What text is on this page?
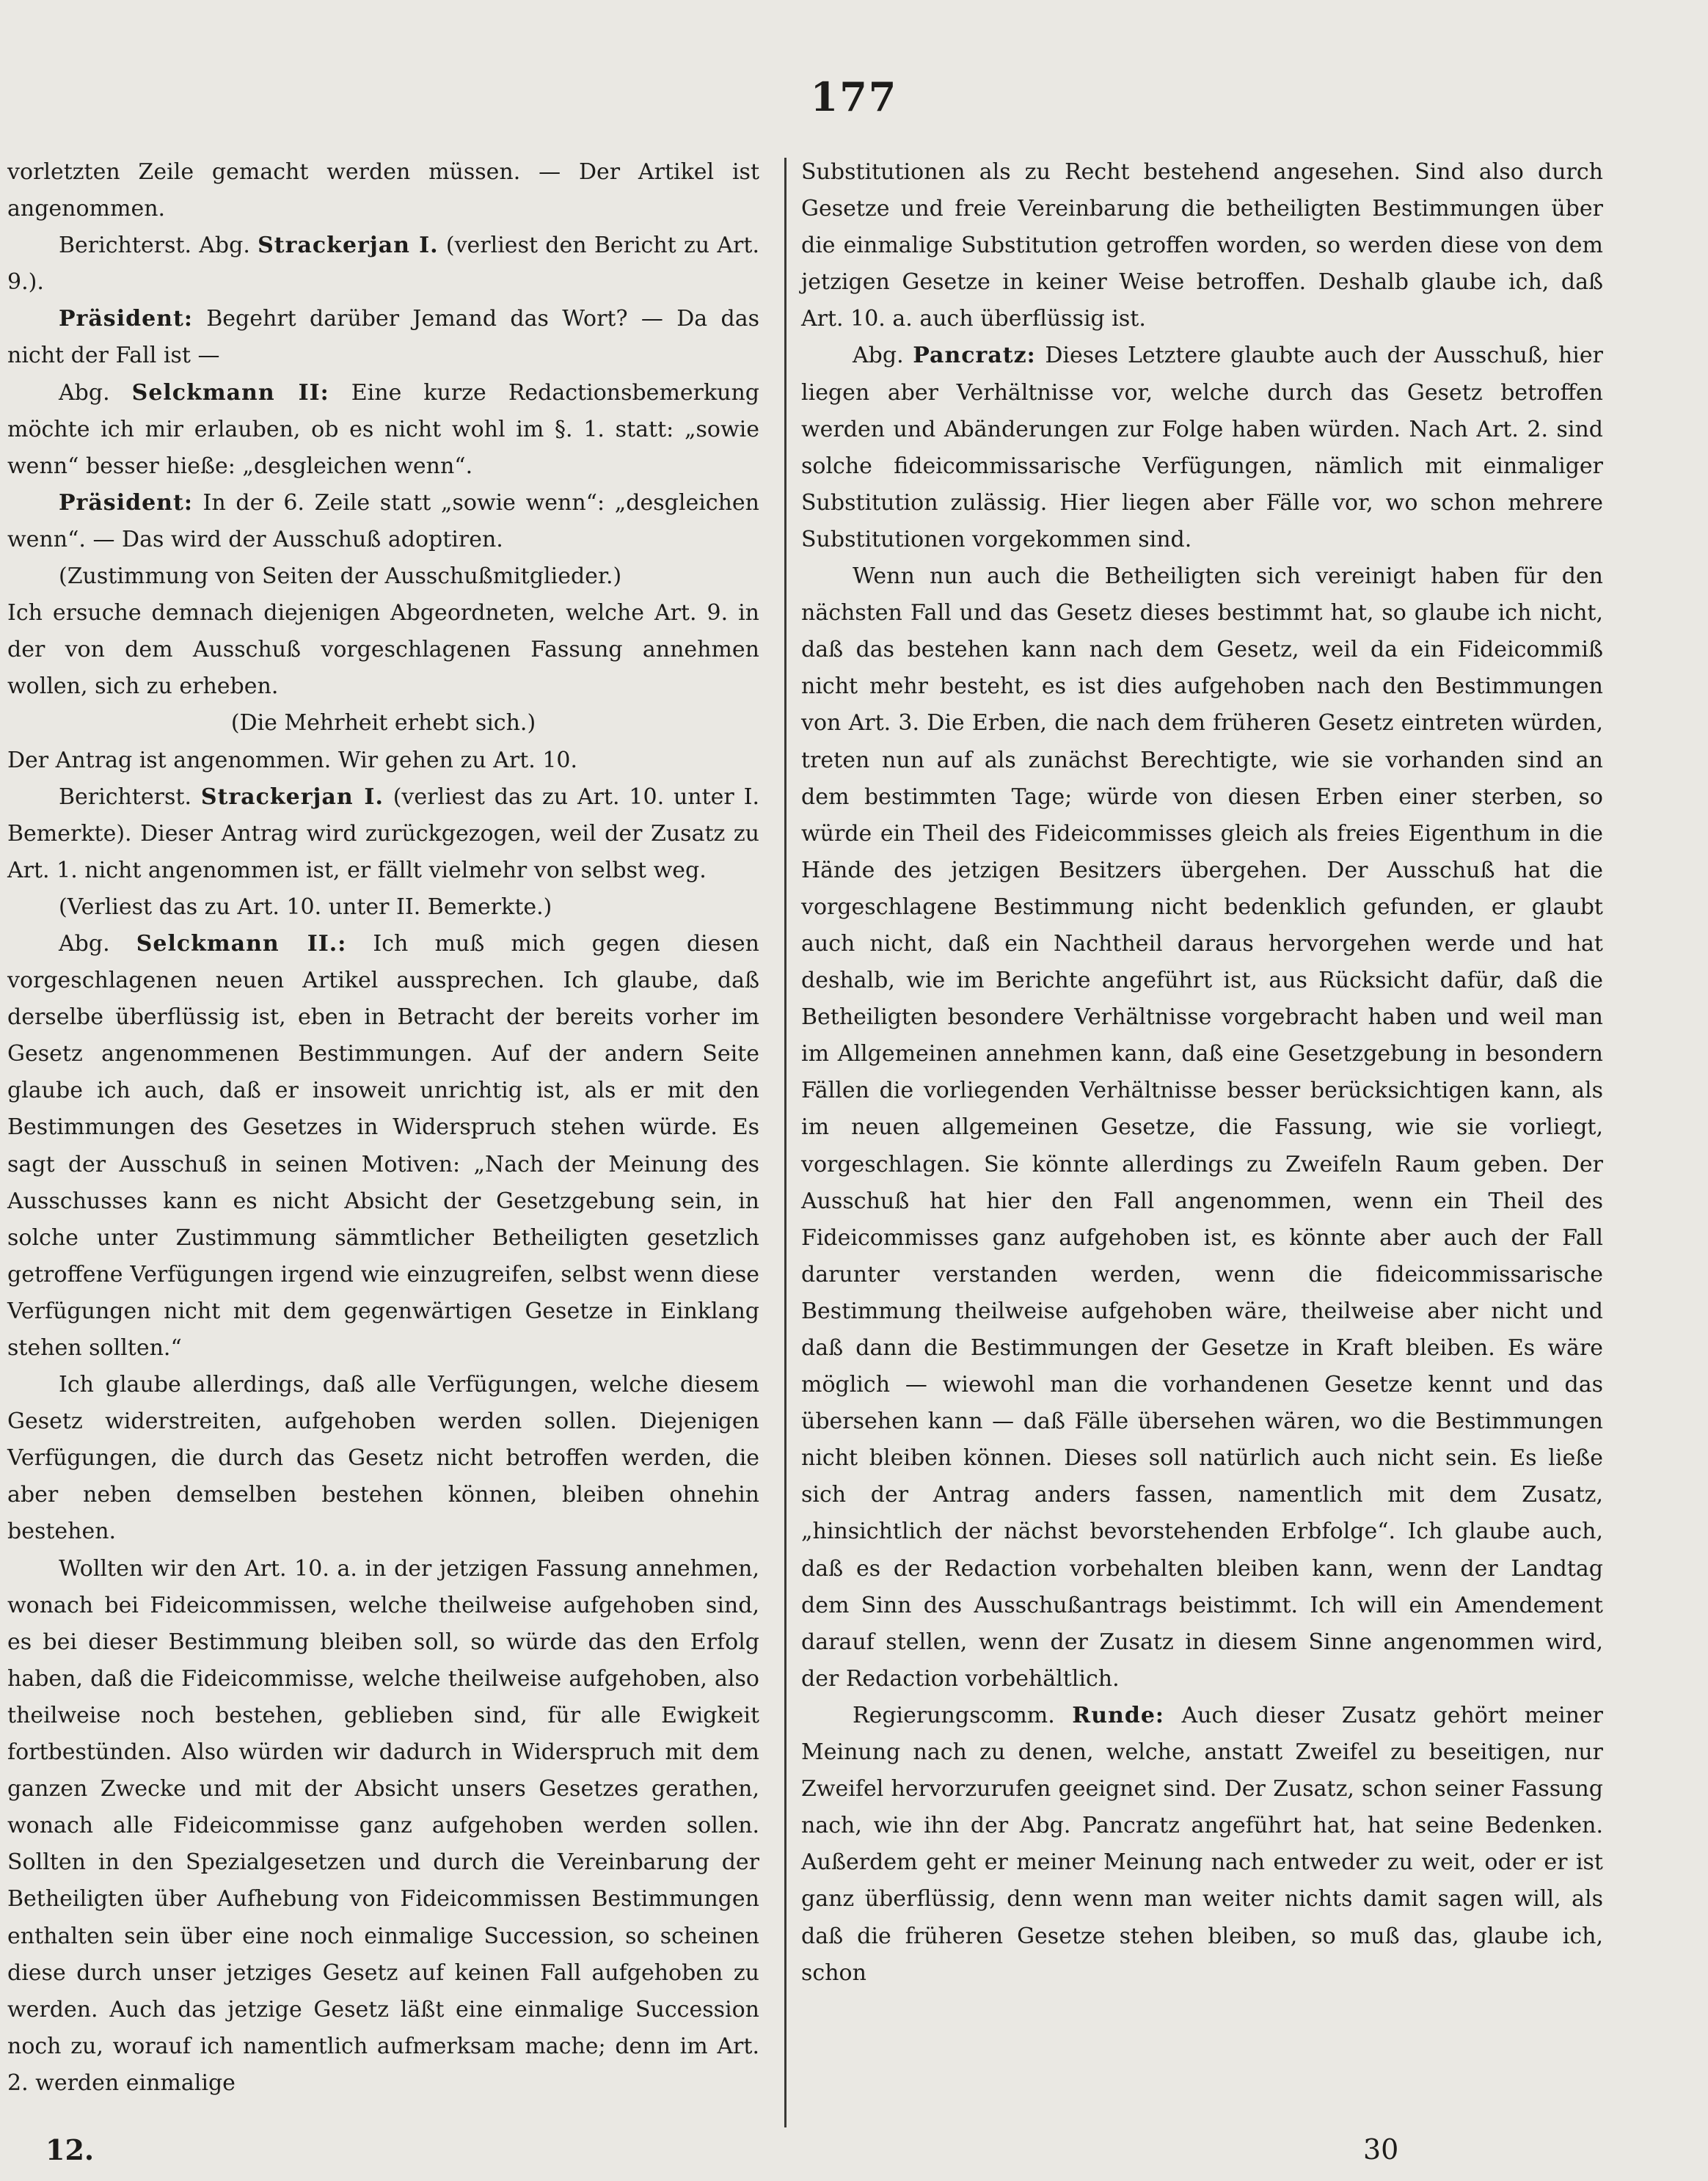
177

vorletzten Zeile gemacht werden müssen. — Der Artikel ist angenommen.

Berichterst. Abg. Strackerjan I. (verliest den Bericht zu Art. 9.).

Präsident: Begehrt darüber Jemand das Wort? — Da das nicht der Fall ist —

Abg. Selckmann II: Eine kurze Redactionsbemerkung möchte ich mir erlauben, ob es nicht wohl im §. 1. statt: „sowie wenn“ besser hieße: „desgleichen wenn“.

Präsident: In der 6. Zeile statt „sowie wenn“: „desgleichen wenn“. — Das wird der Ausschuß adoptiren.

(Zustimmung von Seiten der Ausschußmitglieder.)

Ich ersuche demnach diejenigen Abgeordneten, welche Art. 9. in der von dem Ausschuß vorgeschlagenen Fassung annehmen wollen, sich zu erheben.

(Die Mehrheit erhebt sich.)

Der Antrag ist angenommen. Wir gehen zu Art. 10.

Berichterst. Strackerjan I. (verliest das zu Art. 10. unter I. Bemerkte). Dieser Antrag wird zurückgezogen, weil der Zusatz zu Art. 1. nicht angenommen ist, er fällt vielmehr von selbst weg.

(Verliest das zu Art. 10. unter II. Bemerkte.)

Abg. Selckmann II.: Ich muß mich gegen diesen vorgeschlagenen neuen Artikel aussprechen. Ich glaube, daß derselbe überflüssig ist, eben in Betracht der bereits vorher im Gesetz angenommenen Bestimmungen. Auf der andern Seite glaube ich auch, daß er insoweit unrichtig ist, als er mit den Bestimmungen des Gesetzes in Widerspruch stehen würde. Es sagt der Ausschuß in seinen Motiven: „Nach der Meinung des Ausschusses kann es nicht Absicht der Gesetzgebung sein, in solche unter Zustimmung sämmtlicher Betheiligten gesetzlich getroffene Verfügungen irgend wie einzugreifen, selbst wenn diese Verfügungen nicht mit dem gegenwärtigen Gesetze in Einklang stehen sollten.“

Ich glaube allerdings, daß alle Verfügungen, welche diesem Gesetz widerstreiten, aufgehoben werden sollen. Diejenigen Verfügungen, die durch das Gesetz nicht betroffen werden, die aber neben demselben bestehen können, bleiben ohnehin bestehen.

Wollten wir den Art. 10. a. in der jetzigen Fassung annehmen, wonach bei Fideicommissen, welche theilweise aufgehoben sind, es bei dieser Bestimmung bleiben soll, so würde das den Erfolg haben, daß die Fideicommisse, welche theilweise aufgehoben, also theilweise noch bestehen, geblieben sind, für alle Ewigkeit fortbestünden. Also würden wir dadurch in Widerspruch mit dem ganzen Zwecke und mit der Absicht unsers Gesetzes gerathen, wonach alle Fideicommisse ganz aufgehoben werden sollen. Sollten in den Spezialgesetzen und durch die Vereinbarung der Betheiligten über Aufhebung von Fideicommissen Bestimmungen enthalten sein über eine noch einmalige Succession, so scheinen diese durch unser jetziges Gesetz auf keinen Fall aufgehoben zu werden. Auch das jetzige Gesetz läßt eine einmalige Succession noch zu, worauf ich namentlich aufmerksam mache; denn im Art. 2. werden einmalige

Substitutionen als zu Recht bestehend angesehen. Sind also durch Gesetze und freie Vereinbarung die betheiligten Bestimmungen über die einmalige Substitution getroffen worden, so werden diese von dem jetzigen Gesetze in keiner Weise betroffen. Deshalb glaube ich, daß Art. 10. a. auch überflüssig ist.

Abg. Pancratz: Dieses Letztere glaubte auch der Ausschuß, hier liegen aber Verhältnisse vor, welche durch das Gesetz betroffen werden und Abänderungen zur Folge haben würden. Nach Art. 2. sind solche fideicommissarische Verfügungen, nämlich mit einmaliger Substitution zulässig. Hier liegen aber Fälle vor, wo schon mehrere Substitutionen vorgekommen sind.

Wenn nun auch die Betheiligten sich vereinigt haben für den nächsten Fall und das Gesetz dieses bestimmt hat, so glaube ich nicht, daß das bestehen kann nach dem Gesetz, weil da ein Fideicommiß nicht mehr besteht, es ist dies aufgehoben nach den Bestimmungen von Art. 3. Die Erben, die nach dem früheren Gesetz eintreten würden, treten nun auf als zunächst Berechtigte, wie sie vorhanden sind an dem bestimmten Tage; würde von diesen Erben einer sterben, so würde ein Theil des Fideicommisses gleich als freies Eigenthum in die Hände des jetzigen Besitzers übergehen. Der Ausschuß hat die vorgeschlagene Bestimmung nicht bedenklich gefunden, er glaubt auch nicht, daß ein Nachtheil daraus hervorgehen werde und hat deshalb, wie im Berichte angeführt ist, aus Rücksicht dafür, daß die Betheiligten besondere Verhältnisse vorgebracht haben und weil man im Allgemeinen annehmen kann, daß eine Gesetzgebung in besondern Fällen die vorliegenden Verhältnisse besser berücksichtigen kann, als im neuen allgemeinen Gesetze, die Fassung, wie sie vorliegt, vorgeschlagen. Sie könnte allerdings zu Zweifeln Raum geben. Der Ausschuß hat hier den Fall angenommen, wenn ein Theil des Fideicommisses ganz aufgehoben ist, es könnte aber auch der Fall darunter verstanden werden, wenn die fideicommissarische Bestimmung theilweise aufgehoben wäre, theilweise aber nicht und daß dann die Bestimmungen der Gesetze in Kraft bleiben. Es wäre möglich — wiewohl man die vorhandenen Gesetze kennt und das übersehen kann — daß Fälle übersehen wären, wo die Bestimmungen nicht bleiben können. Dieses soll natürlich auch nicht sein. Es ließe sich der Antrag anders fassen, namentlich mit dem Zusatz, „hinsichtlich der nächst bevorstehenden Erbfolge“. Ich glaube auch, daß es der Redaction vorbehalten bleiben kann, wenn der Landtag dem Sinn des Ausschußantrags beistimmt. Ich will ein Amendement darauf stellen, wenn der Zusatz in diesem Sinne angenommen wird, der Redaction vorbehältlich.

Regierungscomm. Runde: Auch dieser Zusatz gehört meiner Meinung nach zu denen, welche, anstatt Zweifel zu beseitigen, nur Zweifel hervorzurufen geeignet sind. Der Zusatz, schon seiner Fassung nach, wie ihn der Abg. Pancratz angeführt hat, hat seine Bedenken. Außerdem geht er meiner Meinung nach entweder zu weit, oder er ist ganz überflüssig, denn wenn man weiter nichts damit sagen will, als daß die früheren Gesetze stehen bleiben, so muß das, glaube ich, schon

12.	30
